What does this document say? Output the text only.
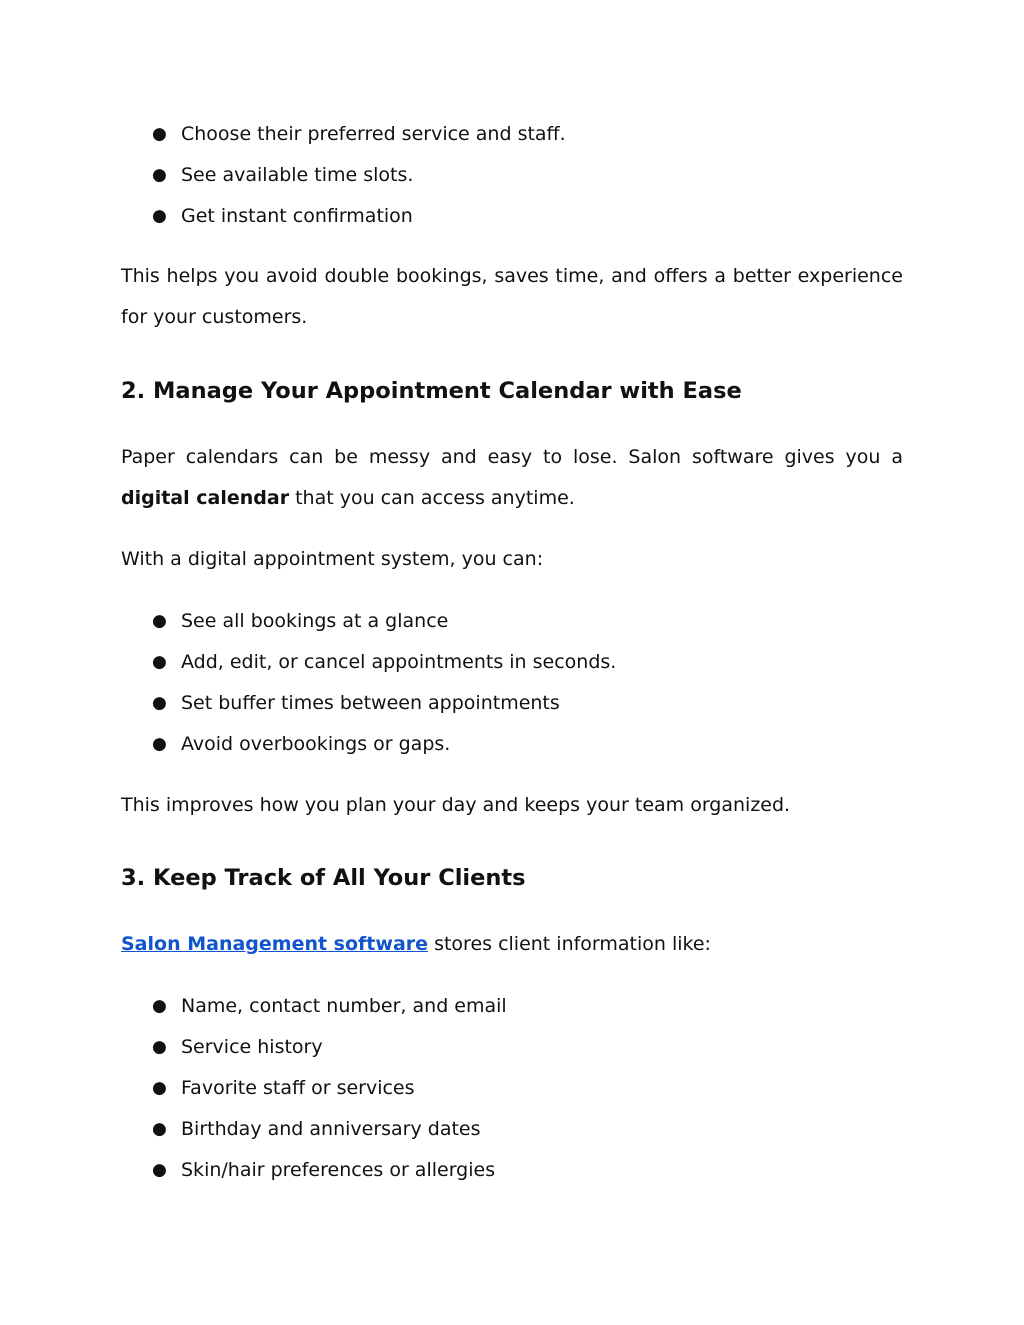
● Choose their preferred service and staff.
● See available time slots.
● Get instant confirmation

This helps you avoid double bookings, saves time, and offers a better experience for your customers.

2. Manage Your Appointment Calendar with Ease

Paper calendars can be messy and easy to lose. Salon software gives you a digital calendar that you can access anytime.

With a digital appointment system, you can:

● See all bookings at a glance
● Add, edit, or cancel appointments in seconds.
● Set buffer times between appointments
● Avoid overbookings or gaps.

This improves how you plan your day and keeps your team organized.

3. Keep Track of All Your Clients

Salon Management software stores client information like:

● Name, contact number, and email
● Service history
● Favorite staff or services
● Birthday and anniversary dates
● Skin/hair preferences or allergies
